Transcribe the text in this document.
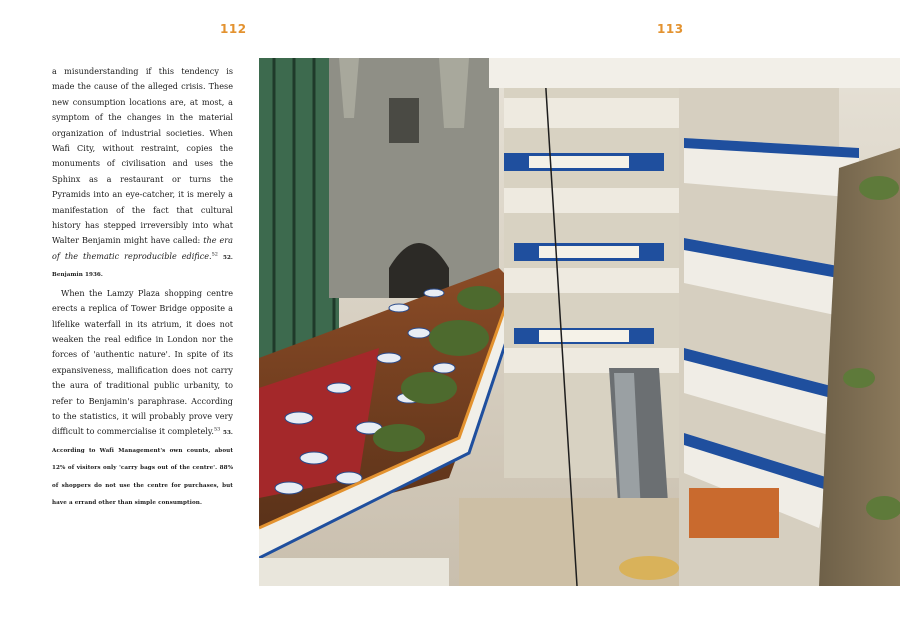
112	113

a misunderstanding if this tendency is made the cause of the alleged crisis. These new consumption locations are, at most, a symptom of the changes in the material organization of industrial societies. When Wafi City, without restraint, copies the monuments of civilisation and uses the Sphinx as a restaurant or turns the Pyramids into an eye-catcher, it is merely a manifestation of the fact that cultural history has stepped irreversibly into what Walter Benjamin might have called: the era of the thematic reproducible edifice.$^{52}$ 52. Benjamin 1936.

When the Lamzy Plaza shopping centre erects a replica of Tower Bridge opposite a lifelike waterfall in its atrium, it does not weaken the real edifice in London nor the forces of 'authentic nature'. In spite of its expansiveness, mallification does not carry the aura of traditional public urbanity, to refer to Benjamin's paraphrase. According to the statistics, it will probably prove very difficult to commercialise it completely.$^{53}$ 53. According to Wafi Management's own counts, about 12% of visitors only 'carry bags out of the centre'. 88% of shoppers do not use the centre for purchases, but have a errand other than simple consumption.
